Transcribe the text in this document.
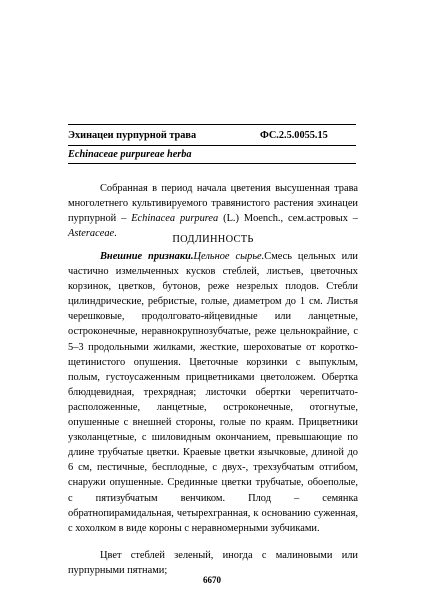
Эхинацеи пурпурной трава	ФС.2.5.0055.15
Echinaceae purpureae herba
Собранная в период начала цветения высушенная трава многолетнего культивируемого травянистого растения эхинацеи пурпурной – Echinacea purpurea (L.) Moench., сем.астровых – Asteraceae.
ПОДЛИННОСТЬ
Внешние признаки.Цельное сырье.Смесь цельных или частично измельченных кусков стеблей, листьев, цветочных корзинок, цветков, бутонов, реже незрелых плодов. Стебли цилиндрические, ребристые, голые, диаметром до 1 см. Листья черешковые, продолговато-яйцевидные или ланцетные, остроконечные, неравнокрупнозубчатые, реже цельнокрайние, с 5–3 продольными жилками, жесткие, шероховатые от короткощетинистого опушения. Цветочные корзинки с выпуклым, полым, густоусаженным прицветниками цветоложем. Обертка блюдцевидная, трехрядная; листочки обертки черепитчато-расположенные, ланцетные, остроконечные, отогнутые, опушенные с внешней стороны, голые по краям. Прицветники узколанцетные, с шиловидным окончанием, превышающие по длине трубчатые цветки. Краевые цветки язычковые, длиной до 6 см, пестичные, бесплодные, с двух-, трехзубчатым отгибом, снаружи опушенные. Срединные цветки трубчатые, обоеполые, с пятизубчатым венчиком. Плод – семянка обратнопирамидальная, четырехгранная, к основанию суженная, с хохолком в виде короны с неравномерными зубчиками.
Цвет стеблей зеленый, иногда с малиновыми или пурпурными пятнами;
6670
